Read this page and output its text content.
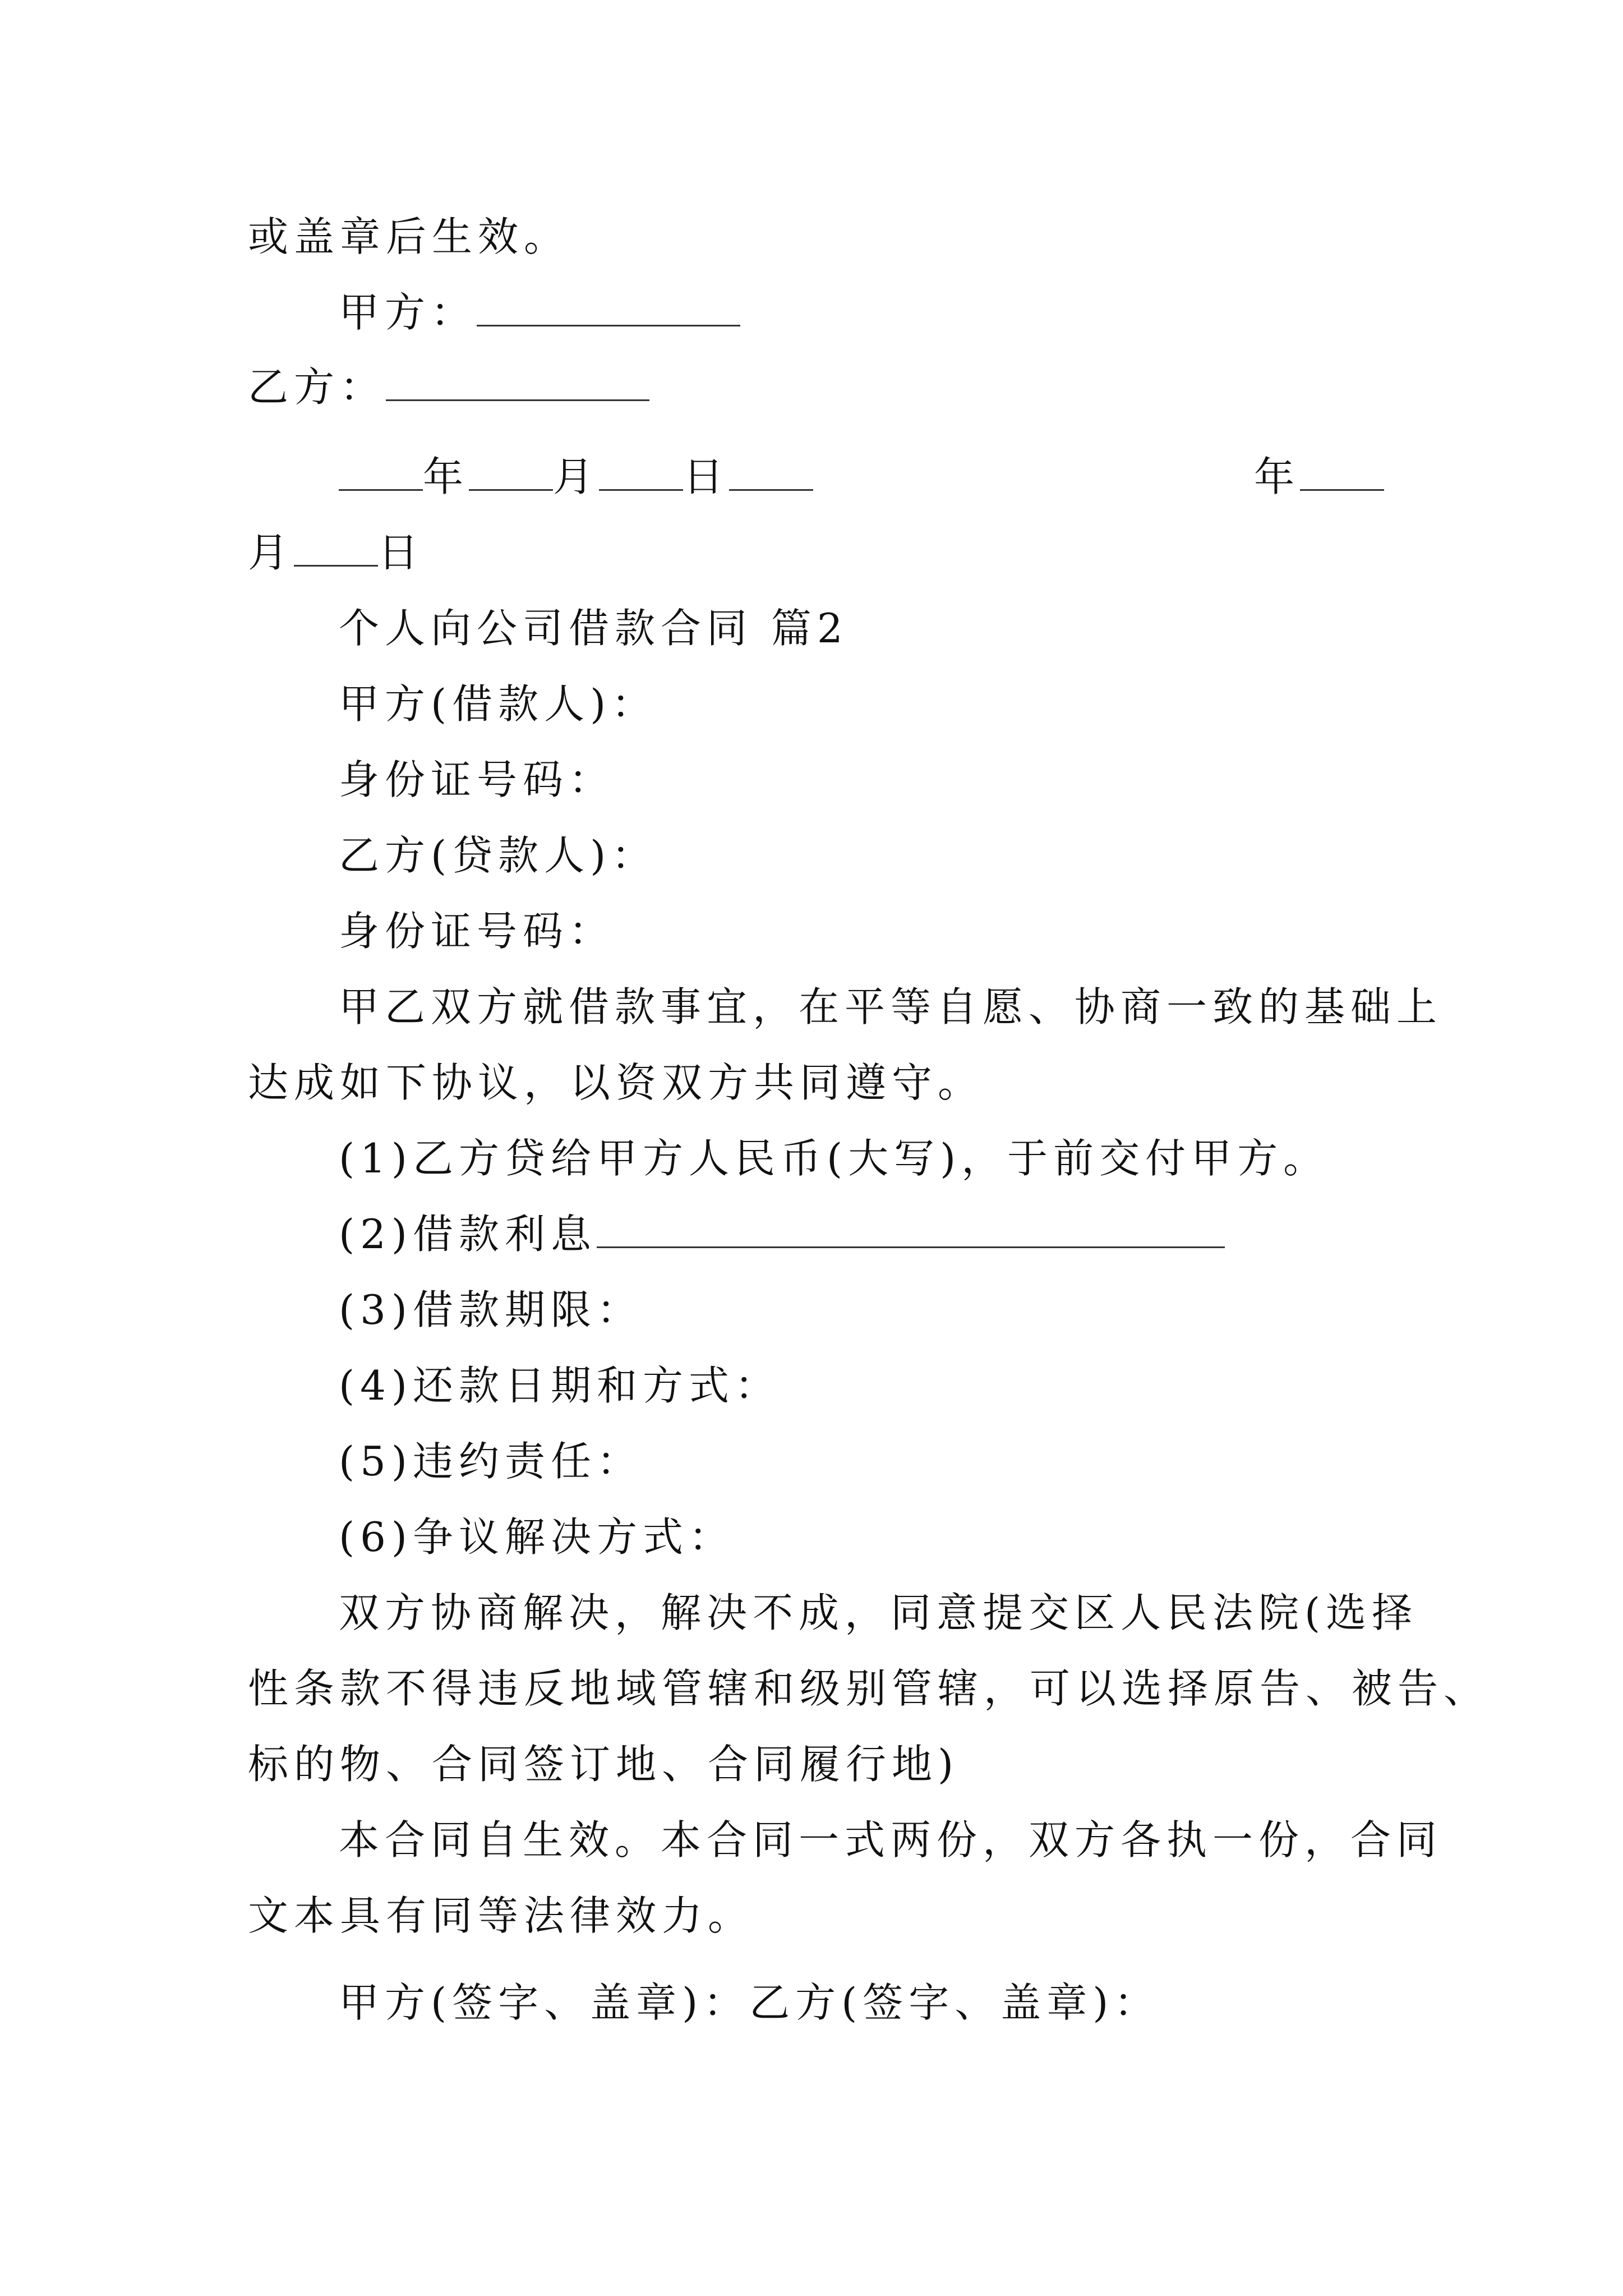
或盖章后生效。
甲方：
乙方：
年 月 日	年
月 日
个人向公司借款合同 篇2
甲方(借款人)：
身份证号码：
乙方(贷款人)：
身份证号码：
甲乙双方就借款事宜，在平等自愿、协商一致的基础上
达成如下协议，以资双方共同遵守。
(1)乙方贷给甲方人民币(大写)，于前交付甲方。
(2)借款利息
(3)借款期限：
(4)还款日期和方式：
(5)违约责任：
(6)争议解决方式：
双方协商解决，解决不成，同意提交区人民法院(选择
性条款不得违反地域管辖和级别管辖，可以选择原告、被告、
标的物、合同签订地、合同履行地)
本合同自生效。本合同一式两份，双方各执一份，合同
文本具有同等法律效力。
甲方(签字、盖章)：乙方(签字、盖章)：
